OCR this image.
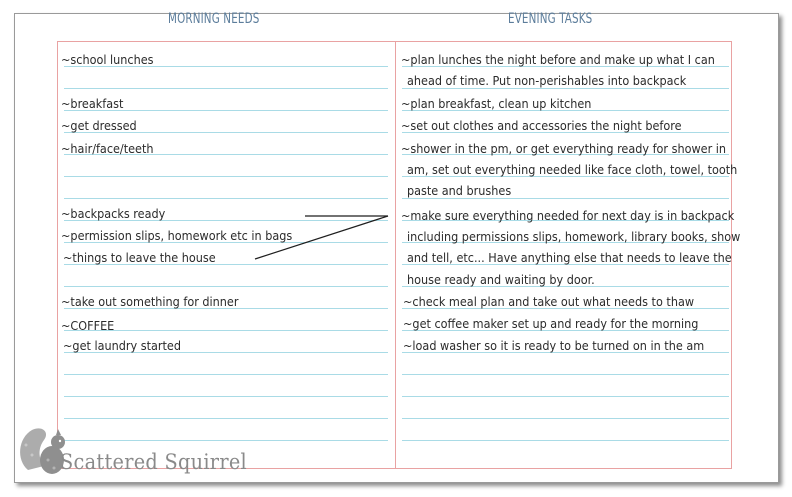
MORNING NEEDS	EVENING TASKS
~school lunches
~breakfast
~get dressed
~hair/face/teeth
~backpacks ready
~permission slips, homework etc in bags
~things to leave the house
~take out something for dinner
~COFFEE
~get laundry started
~plan lunches the night before and make up what I can
ahead of time. Put non-perishables into backpack
~plan breakfast, clean up kitchen
~set out clothes and accessories the night before
~shower in the pm, or get everything ready for shower in
am, set out everything needed like face cloth, towel, tooth
paste and brushes
~make sure everything needed for next day is in backpack
including permissions slips, homework, library books, show
and tell, etc... Have anything else that needs to leave the
house ready and waiting by door.
~check meal plan and take out what needs to thaw
~get coffee maker set up and ready for the morning
~load washer so it is ready to be turned on in the am
Scattered Squirrel
